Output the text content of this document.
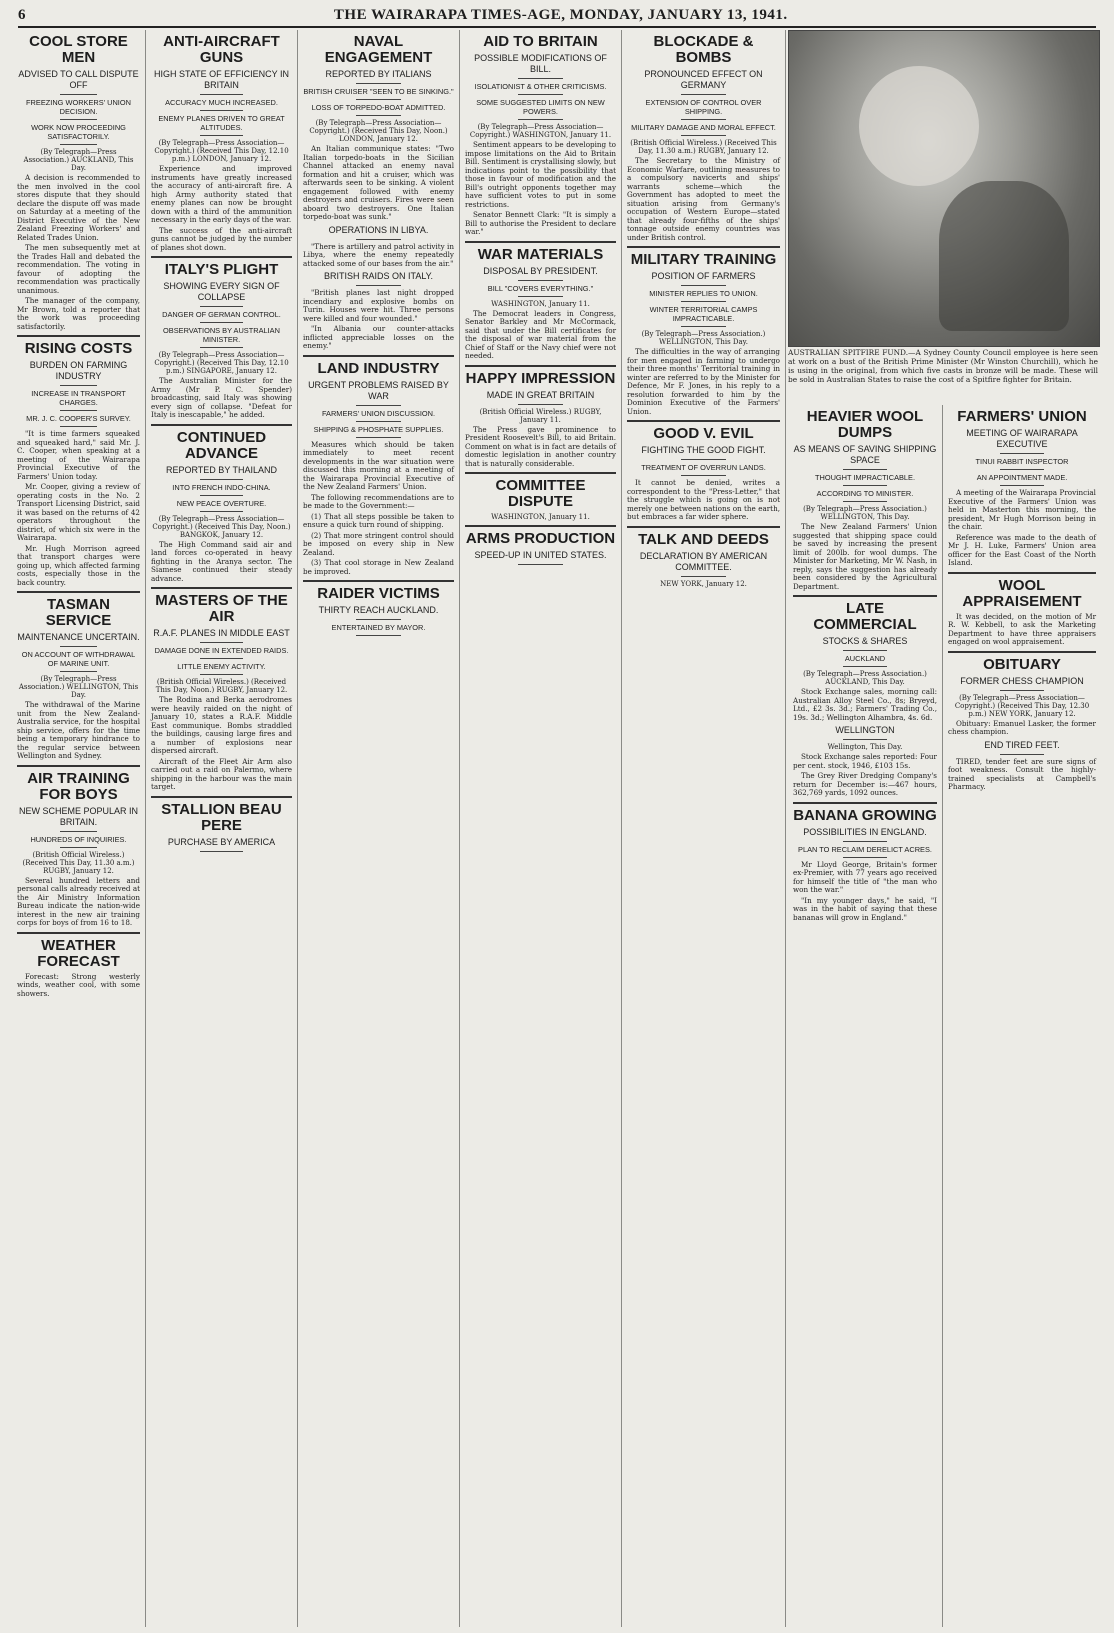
6	THE WAIRARAPA TIMES-AGE, MONDAY, JANUARY 13, 1941.
COOL STORE MEN
ADVISED TO CALL DISPUTE OFF
FREEZING WORKERS' UNION DECISION.
WORK NOW PROCEEDING SATISFACTORILY.
(By Telegraph—Press Association.) AUCKLAND, This Day.

A decision is recommended to the men involved in the cool stores dispute that they should declare the dispute off was made on Saturday at a meeting of the District Executive of the New Zealand Freezing Workers' and Related Trades Union.

The men subsequently met at the Trades Hall and debated the recommendation. The voting in favour of adopting the recommendation was practically unanimous.

The manager of the company, Mr Brown, told a reporter that the work was proceeding satisfactorily.

RISING COSTS
BURDEN ON FARMING INDUSTRY
INCREASE IN TRANSPORT CHARGES.
MR. J. C. COOPER'S SURVEY.

"It is time farmers squeaked and squeaked hard," said Mr. J. C. Cooper, when speaking at a meeting of the Wairarapa Provincial Executive of the Farmers' Union today.

Mr. Cooper, giving a review of operating costs in the No. 2 Transport Licensing District, said it was based on the returns of 42 operators throughout the district, of which six were in the Wairarapa.

Mr. Hugh Morrison agreed that transport charges were going up, which affected farming costs, especially those in the back country.

TASMAN SERVICE
MAINTENANCE UNCERTAIN.
ON ACCOUNT OF WITHDRAWAL OF MARINE UNIT.
(By Telegraph—Press Association.) WELLINGTON, This Day.

The withdrawal of the Marine unit from the New Zealand-Australia service, for the hospital ship service, offers for the time being a temporary hindrance to the regular service between Wellington and Sydney.

AIR TRAINING FOR BOYS
NEW SCHEME POPULAR IN BRITAIN.
HUNDREDS OF INQUIRIES.
(British Official Wireless.) (Received This Day, 11.30 a.m.) RUGBY, January 12.

Several hundred letters and personal calls already received at the Air Ministry Information Bureau indicate the nation-wide interest in the new air training corps for boys of from 16 to 18.

WEATHER FORECAST

Forecast: Strong westerly winds, weather cool, with some showers.

ANTI-AIRCRAFT GUNS
HIGH STATE OF EFFICIENCY IN BRITAIN
ACCURACY MUCH INCREASED.
ENEMY PLANES DRIVEN TO GREAT ALTITUDES.
(By Telegraph—Press Association—Copyright.) (Received This Day, 12.10 p.m.) LONDON, January 12.

Experience and improved instruments have greatly increased the accuracy of anti-aircraft fire. A high Army authority stated that enemy planes can now be brought down with a third of the ammunition necessary in the early days of the war.

The success of the anti-aircraft guns cannot be judged by the number of planes shot down.

ITALY'S PLIGHT
SHOWING EVERY SIGN OF COLLAPSE
DANGER OF GERMAN CONTROL.
OBSERVATIONS BY AUSTRALIAN MINISTER.
(By Telegraph—Press Association—Copyright.) (Received This Day, 12.10 p.m.) SINGAPORE, January 12.

The Australian Minister for the Army (Mr P. C. Spender) broadcasting, said Italy was showing every sign of collapse. "Defeat for Italy is inescapable," he added.

CONTINUED ADVANCE
REPORTED BY THAILAND
INTO FRENCH INDO-CHINA.
NEW PEACE OVERTURE.
(By Telegraph—Press Association—Copyright.) (Received This Day, Noon.) BANGKOK, January 12.

The High Command said air and land forces co-operated in heavy fighting in the Aranya sector. The Siamese continued their steady advance.

MASTERS OF THE AIR
R.A.F. PLANES IN MIDDLE EAST
DAMAGE DONE IN EXTENDED RAIDS.
LITTLE ENEMY ACTIVITY.
(British Official Wireless.) (Received This Day, Noon.) RUGBY, January 12.

The Rodina and Berka aerodromes were heavily raided on the night of January 10, states a R.A.F. Middle East communique. Bombs straddled the buildings, causing large fires and a number of explosions near dispersed aircraft.

Aircraft of the Fleet Air Arm also carried out a raid on Palermo, where shipping in the harbour was the main target.

STALLION BEAU PERE
PURCHASE BY AMERICA
NAVAL ENGAGEMENT
REPORTED BY ITALIANS
BRITISH CRUISER "SEEN TO BE SINKING."
LOSS OF TORPEDO-BOAT ADMITTED.
(By Telegraph—Press Association—Copyright.) (Received This Day, Noon.) LONDON, January 12.

An Italian communique states: "Two Italian torpedo-boats in the Sicilian Channel attacked an enemy naval formation and hit a cruiser, which was afterwards seen to be sinking. A violent engagement followed with enemy destroyers and cruisers. Fires were seen aboard two destroyers. One Italian torpedo-boat was sunk."

OPERATIONS IN LIBYA.

"There is artillery and patrol activity in Libya, where the enemy repeatedly attacked some of our bases from the air."

BRITISH RAIDS ON ITALY.

"British planes last night dropped incendiary and explosive bombs on Turin. Houses were hit. Three persons were killed and four wounded."

"In Albania our counter-attacks inflicted appreciable losses on the enemy."

LAND INDUSTRY
URGENT PROBLEMS RAISED BY WAR
FARMERS' UNION DISCUSSION.
SHIPPING & PHOSPHATE SUPPLIES.

Measures which should be taken immediately to meet recent developments in the war situation were discussed this morning at a meeting of the Wairarapa Provincial Executive of the New Zealand Farmers' Union.

The following recommendations are to be made to the Government:—

(1) That all steps possible be taken to ensure a quick turn round of shipping.

(2) That more stringent control should be imposed on every ship in New Zealand.

(3) That cool storage in New Zealand be improved.

RAIDER VICTIMS
THIRTY REACH AUCKLAND.
ENTERTAINED BY MAYOR.
AID TO BRITAIN
POSSIBLE MODIFICATIONS OF BILL.
ISOLATIONIST & OTHER CRITICISMS.
SOME SUGGESTED LIMITS ON NEW POWERS.
(By Telegraph—Press Association—Copyright.) WASHINGTON, January 11.

Sentiment appears to be developing to impose limitations on the Aid to Britain Bill. Sentiment is crystallising slowly, but indications point to the possibility that those in favour of modification and the Bill's outright opponents together may have sufficient votes to put in some restrictions.

Senator Bennett Clark: "It is simply a Bill to authorise the President to declare war."

WAR MATERIALS
DISPOSAL BY PRESIDENT.
BILL "COVERS EVERYTHING."
WASHINGTON, January 11.

The Democrat leaders in Congress, Senator Barkley and Mr McCormack, said that under the Bill certificates for the disposal of war material from the Chief of Staff or the Navy chief were not needed.

HAPPY IMPRESSION
MADE IN GREAT BRITAIN
(British Official Wireless.) RUGBY, January 11.

The Press gave prominence to President Roosevelt's Bill, to aid Britain. Comment on what is in fact are details of domestic legislation in another country that is naturally considerable.

COMMITTEE DISPUTE
WASHINGTON, January 11.
ARMS PRODUCTION
SPEED-UP IN UNITED STATES.
BLOCKADE & BOMBS
PRONOUNCED EFFECT ON GERMANY
EXTENSION OF CONTROL OVER SHIPPING.
MILITARY DAMAGE AND MORAL EFFECT.
(British Official Wireless.) (Received This Day, 11.30 a.m.) RUGBY, January 12.

The Secretary to the Ministry of Economic Warfare, outlining measures to a compulsory navicerts and ships' warrants scheme—which the Government has adopted to meet the situation arising from Germany's occupation of Western Europe—stated that already four-fifths of the ships' tonnage outside enemy countries was under British control.

MILITARY TRAINING
POSITION OF FARMERS
MINISTER REPLIES TO UNION.
WINTER TERRITORIAL CAMPS IMPRACTICABLE.
(By Telegraph—Press Association.) WELLINGTON, This Day.

The difficulties in the way of arranging for men engaged in farming to undergo their three months' Territorial training in winter are referred to by the Minister for Defence, Mr F. Jones, in his reply to a resolution forwarded to him by the Dominion Executive of the Farmers' Union.

GOOD V. EVIL
FIGHTING THE GOOD FIGHT.
TREATMENT OF OVERRUN LANDS.

It cannot be denied, writes a correspondent to the "Press-Letter," that the struggle which is going on is not merely one between nations on the earth, but embraces a far wider sphere.

TALK AND DEEDS
DECLARATION BY AMERICAN COMMITTEE.
NEW YORK, January 12.
AUSTRALIAN SPITFIRE FUND.—A Sydney County Council employee is here seen at work on a bust of the British Prime Minister (Mr Winston Churchill), which he is using in the original, from which five casts in bronze will be made. These will be sold in Australian States to raise the cost of a Spitfire fighter for Britain.
HEAVIER WOOL DUMPS
AS MEANS OF SAVING SHIPPING SPACE
THOUGHT IMPRACTICABLE.
ACCORDING TO MINISTER.
(By Telegraph—Press Association.) WELLINGTON, This Day.

The New Zealand Farmers' Union suggested that shipping space could be saved by increasing the present limit of 200lb. for wool dumps. The Minister for Marketing, Mr W. Nash, in reply, says the suggestion has already been considered by the Agricultural Department.

LATE COMMERCIAL
STOCKS & SHARES
AUCKLAND
(By Telegraph—Press Association.) AUCKLAND, This Day.

Stock Exchange sales, morning call: Australian Alloy Steel Co., 8s; Bryeyd, Ltd., £2 3s. 3d.; Farmers' Trading Co., 19s. 3d.; Wellington Alhambra, 4s. 6d.

WELLINGTON
Wellington, This Day.

Stock Exchange sales reported: Four per cent. stock, 1946, £103 15s.

The Grey River Dredging Company's return for December is:—467 hours, 362,769 yards, 1092 ounces.

BANANA GROWING
POSSIBILITIES IN ENGLAND.
PLAN TO RECLAIM DERELICT ACRES.

Mr Lloyd George, Britain's former ex-Premier, with 77 years ago received for himself the title of "the man who won the war."

"In my younger days," he said, "I was in the habit of saying that these bananas will grow in England."

FARMERS' UNION
MEETING OF WAIRARAPA EXECUTIVE
TINUI RABBIT INSPECTOR
AN APPOINTMENT MADE.

A meeting of the Wairarapa Provincial Executive of the Farmers' Union was held in Masterton this morning, the president, Mr Hugh Morrison being in the chair.

Reference was made to the death of Mr J. H. Luke, Farmers' Union area officer for the East Coast of the North Island.

WOOL APPRAISEMENT

It was decided, on the motion of Mr R. W. Kebbell, to ask the Marketing Department to have three appraisers engaged on wool appraisement.

OBITUARY
FORMER CHESS CHAMPION
(By Telegraph—Press Association—Copyright.) (Received This Day, 12.30 p.m.) NEW YORK, January 12.

Obituary: Emanuel Lasker, the former chess champion.

END TIRED FEET.

TIRED, tender feet are sure signs of foot weakness. Consult the highly-trained specialists at Campbell's Pharmacy.
